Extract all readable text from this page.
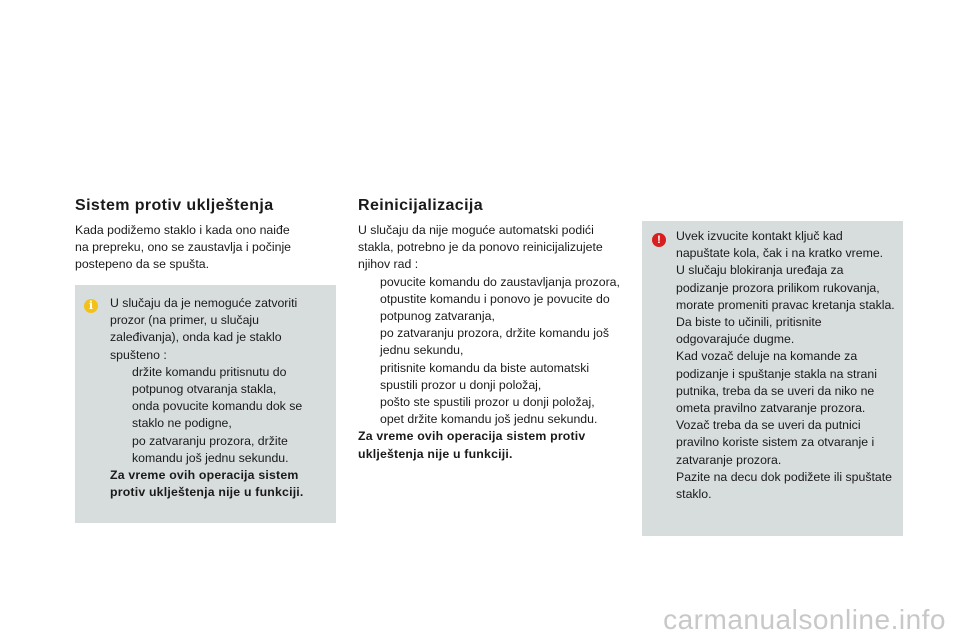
Sistem protiv uklještenja

Kada podižemo staklo i kada ono naiđe na prepreku, ono se zaustavlja i počinje postepeno da se spušta.

i	U slučaju da je nemoguće zatvoriti prozor (na primer, u slučaju zaleđivanja), onda kad je staklo spušteno :
držite komandu pritisnutu do potpunog otvaranja stakla,
onda povucite komandu dok se staklo ne podigne,
po zatvaranju prozora, držite komandu još jednu sekundu.
Za vreme ovih operacija sistem protiv uklještenja nije u funkciji.
Reinicijalizacija
U slučaju da nije moguće automatski podići stakla, potrebno je da ponovo reinicijalizujete njihov rad :
povucite komandu do zaustavljanja prozora,
otpustite komandu i ponovo je povucite do potpunog zatvaranja,
po zatvaranju prozora, držite komandu još jednu sekundu,
pritisnite komandu da biste automatski spustili prozor u donji položaj,
pošto ste spustili prozor u donji položaj, opet držite komandu još jednu sekundu.
Za vreme ovih operacija sistem protiv uklještenja nije u funkciji.
!	Uvek izvucite kontakt ključ kad napuštate kola, čak i na kratko vreme.
U slučaju blokiranja uređaja za podizanje prozora prilikom rukovanja, morate promeniti pravac kretanja stakla. Da biste to učinili, pritisnite odgovarajuće dugme.
Kad vozač deluje na komande za podizanje i spuštanje stakla na strani putnika, treba da se uveri da niko ne ometa pravilno zatvaranje prozora.
Vozač treba da se uveri da putnici pravilno koriste sistem za otvaranje i zatvaranje prozora.
Pazite na decu dok podižete ili spuštate staklo.
carmanualsonline.info
